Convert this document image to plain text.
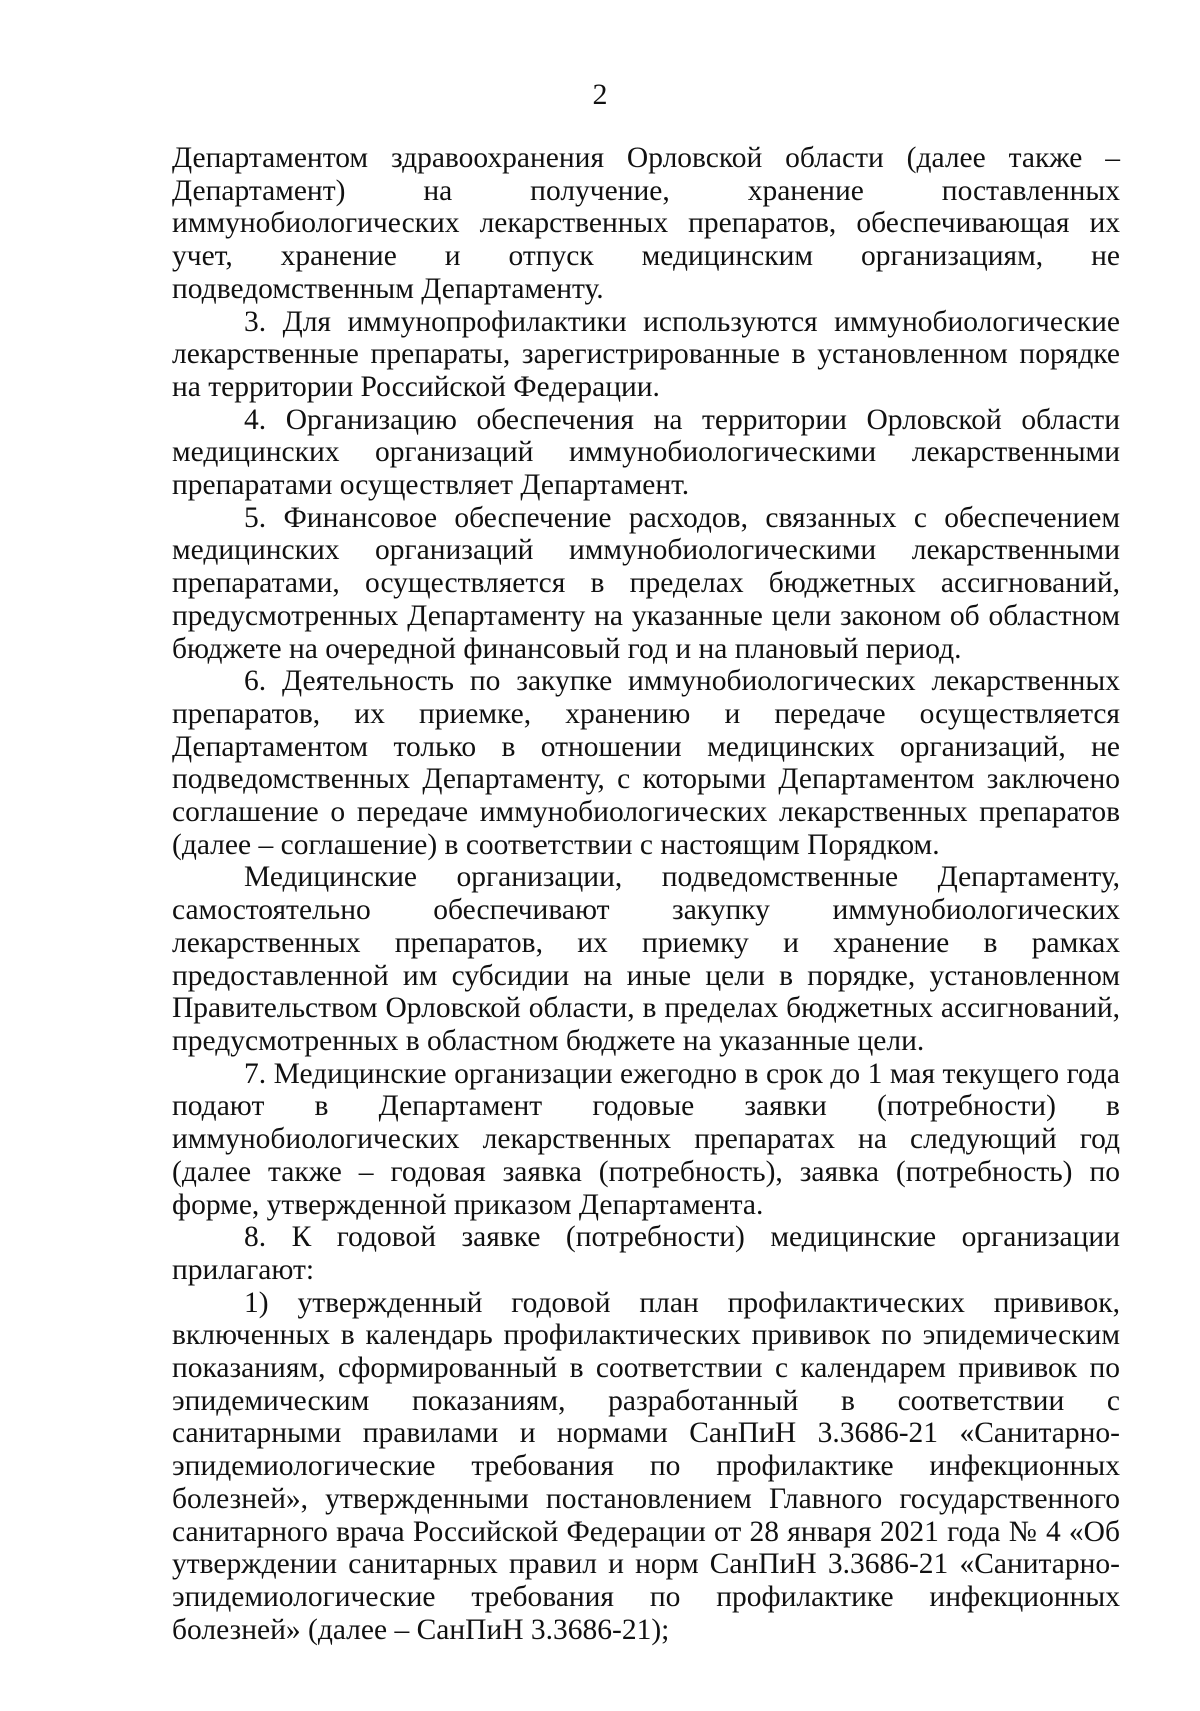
2

Департаментом здравоохранения Орловской области (далее также – Департамент) на получение, хранение поставленных иммунобиологических лекарственных препаратов, обеспечивающая их учет, хранение и отпуск медицинским организациям, не подведомственным Департаменту.

3. Для иммунопрофилактики используются иммунобиологические лекарственные препараты, зарегистрированные в установленном порядке на территории Российской Федерации.

4. Организацию обеспечения на территории Орловской области медицинских организаций иммунобиологическими лекарственными препаратами осуществляет Департамент.

5. Финансовое обеспечение расходов, связанных с обеспечением медицинских организаций иммунобиологическими лекарственными препаратами, осуществляется в пределах бюджетных ассигнований, предусмотренных Департаменту на указанные цели законом об областном бюджете на очередной финансовый год и на плановый период.

6. Деятельность по закупке иммунобиологических лекарственных препаратов, их приемке, хранению и передаче осуществляется Департаментом только в отношении медицинских организаций, не подведомственных Департаменту, с которыми Департаментом заключено соглашение о передаче иммунобиологических лекарственных препаратов (далее – соглашение) в соответствии с настоящим Порядком.

Медицинские организации, подведомственные Департаменту, самостоятельно обеспечивают закупку иммунобиологических лекарственных препаратов, их приемку и хранение в рамках предоставленной им субсидии на иные цели в порядке, установленном Правительством Орловской области, в пределах бюджетных ассигнований, предусмотренных в областном бюджете на указанные цели.

7. Медицинские организации ежегодно в срок до 1 мая текущего года подают в Департамент годовые заявки (потребности) в иммунобиологических лекарственных препаратах на следующий год (далее также – годовая заявка (потребность), заявка (потребность) по форме, утвержденной приказом Департамента.

8. К годовой заявке (потребности) медицинские организации прилагают:

1) утвержденный годовой план профилактических прививок, включенных в календарь профилактических прививок по эпидемическим показаниям, сформированный в соответствии с календарем прививок по эпидемическим показаниям, разработанный в соответствии с санитарными правилами и нормами СанПиН 3.3686-21 «Санитарно-эпидемиологические требования по профилактике инфекционных болезней», утвержденными постановлением Главного государственного санитарного врача Российской Федерации от 28 января 2021 года № 4 «Об утверждении санитарных правил и норм СанПиН 3.3686-21 «Санитарно-эпидемиологические требования по профилактике инфекционных болезней» (далее – СанПиН 3.3686-21);
